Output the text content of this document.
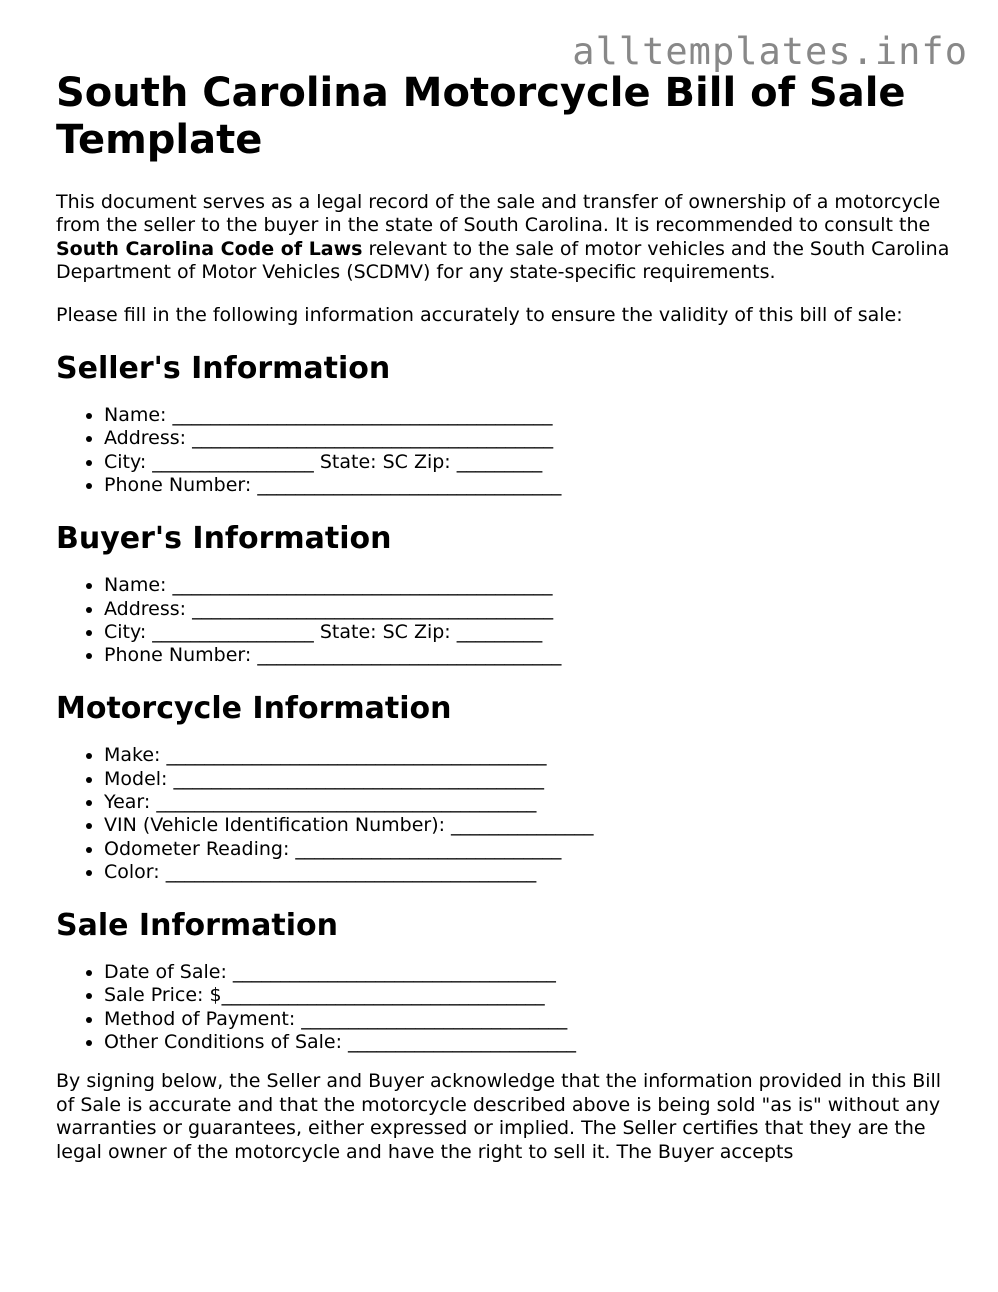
alltemplates.info
South Carolina Motorcycle Bill of Sale Template

This document serves as a legal record of the sale and transfer of ownership of a motorcycle from the seller to the buyer in the state of South Carolina. It is recommended to consult the South Carolina Code of Laws relevant to the sale of motor vehicles and the South Carolina Department of Motor Vehicles (SCDMV) for any state-specific requirements.

Please fill in the following information accurately to ensure the validity of this bill of sale:

Seller's Information
• Name: ________________________________________
• Address: ______________________________________
• City: _________________ State: SC Zip: _________
• Phone Number: ________________________________
Buyer's Information
• Name: ________________________________________
• Address: ______________________________________
• City: _________________ State: SC Zip: _________
• Phone Number: ________________________________
Motorcycle Information
• Make: ________________________________________
• Model: _______________________________________
• Year: ________________________________________
• VIN (Vehicle Identification Number): _______________
• Odometer Reading: ____________________________
• Color: _______________________________________
Sale Information
• Date of Sale: __________________________________
• Sale Price: $__________________________________
• Method of Payment: ____________________________
• Other Conditions of Sale: ________________________

By signing below, the Seller and Buyer acknowledge that the information provided in this Bill of Sale is accurate and that the motorcycle described above is being sold "as is" without any warranties or guarantees, either expressed or implied. The Seller certifies that they are the legal owner of the motorcycle and have the right to sell it. The Buyer accepts
